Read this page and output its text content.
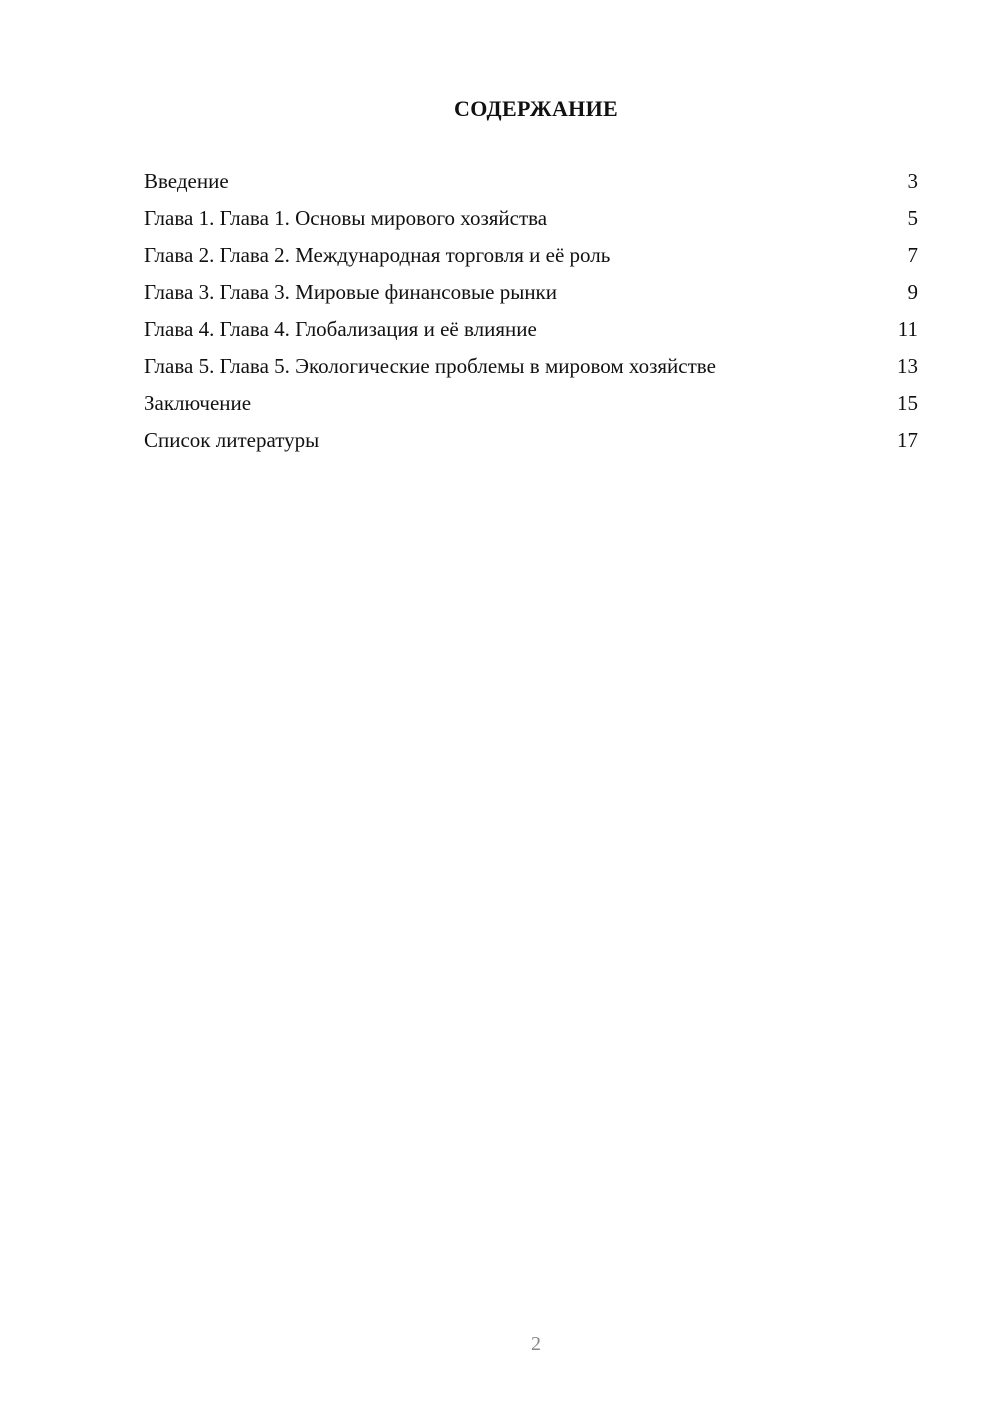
СОДЕРЖАНИЕ
Введение	3
Глава 1. Глава 1. Основы мирового хозяйства	5
Глава 2. Глава 2. Международная торговля и её роль	7
Глава 3. Глава 3. Мировые финансовые рынки	9
Глава 4. Глава 4. Глобализация и её влияние	11
Глава 5. Глава 5. Экологические проблемы в мировом хозяйстве	13
Заключение	15
Список литературы	17
2
